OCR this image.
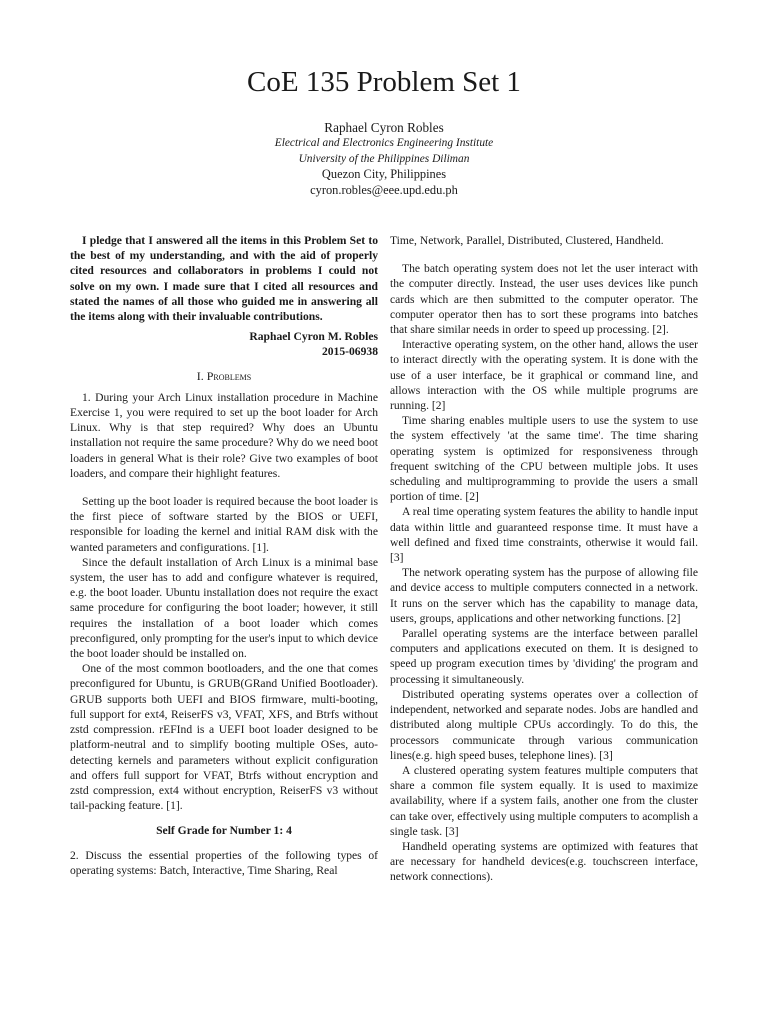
CoE 135 Problem Set 1
Raphael Cyron Robles
Electrical and Electronics Engineering Institute
University of the Philippines Diliman
Quezon City, Philippines
cyron.robles@eee.upd.edu.ph

I pledge that I answered all the items in this Problem Set to the best of my understanding, and with the aid of properly cited resources and collaborators in problems I could not solve on my own. I made sure that I cited all resources and stated the names of all those who guided me in answering all the items along with their invaluable contributions.

Raphael Cyron M. Robles
2015-06938
I. Problems

1. During your Arch Linux installation procedure in Machine Exercise 1, you were required to set up the boot loader for Arch Linux. Why is that step required? Why does an Ubuntu installation not require the same procedure? Why do we need boot loaders in general What is their role? Give two examples of boot loaders, and compare their highlight features.

Setting up the boot loader is required because the boot loader is the first piece of software started by the BIOS or UEFI, responsible for loading the kernel and initial RAM disk with the wanted parameters and configurations. [1].

Since the default installation of Arch Linux is a minimal base system, the user has to add and configure whatever is required, e.g. the boot loader. Ubuntu installation does not require the exact same procedure for configuring the boot loader; however, it still requires the installation of a boot loader which comes preconfigured, only prompting for the user's input to which device the boot loader should be installed on.

One of the most common bootloaders, and the one that comes preconfigured for Ubuntu, is GRUB(GRand Unified Bootloader). GRUB supports both UEFI and BIOS firmware, multi-booting, full support for ext4, ReiserFS v3, VFAT, XFS, and Btrfs without zstd compression. rEFInd is a UEFI boot loader designed to be platform-neutral and to simplify booting multiple OSes, auto-detecting kernels and parameters without explicit configuration and offers full support for VFAT, Btrfs without encryption and zstd compression, ext4 without encryption, ReiserFS v3 without tail-packing feature. [1].

Self Grade for Number 1: 4

2. Discuss the essential properties of the following types of operating systems: Batch, Interactive, Time Sharing, Real

Time, Network, Parallel, Distributed, Clustered, Handheld.

The batch operating system does not let the user interact with the computer directly. Instead, the user uses devices like punch cards which are then submitted to the computer operator. The computer operator then has to sort these programs into batches that share similar needs in order to speed up processing. [2].

Interactive operating system, on the other hand, allows the user to interact directly with the operating system. It is done with the use of a user interface, be it graphical or command line, and allows interaction with the OS while multiple progrums are running. [2]

Time sharing enables multiple users to use the system to use the system effectively 'at the same time'. The time sharing operating system is optimized for responsiveness through frequent switching of the CPU between multiple jobs. It uses scheduling and multiprogramming to provide the users a small portion of time. [2]

A real time operating system features the ability to handle input data within little and guaranteed response time. It must have a well defined and fixed time constraints, otherwise it would fail. [3]

The network operating system has the purpose of allowing file and device access to multiple computers connected in a network. It runs on the server which has the capability to manage data, users, groups, applications and other networking functions. [2]

Parallel operating systems are the interface between parallel computers and applications executed on them. It is designed to speed up program execution times by 'dividing' the program and processing it simultaneously.

Distributed operating systems operates over a collection of independent, networked and separate nodes. Jobs are handled and distributed along multiple CPUs accordingly. To do this, the processors communicate through various communication lines(e.g. high speed buses, telephone lines). [3]

A clustered operating system features multiple computers that share a common file system equally. It is used to maximize availability, where if a system fails, another one from the cluster can take over, effectively using multiple computers to acomplish a single task. [3]

Handheld operating systems are optimized with features that are necessary for handheld devices(e.g. touchscreen interface, network connections).
